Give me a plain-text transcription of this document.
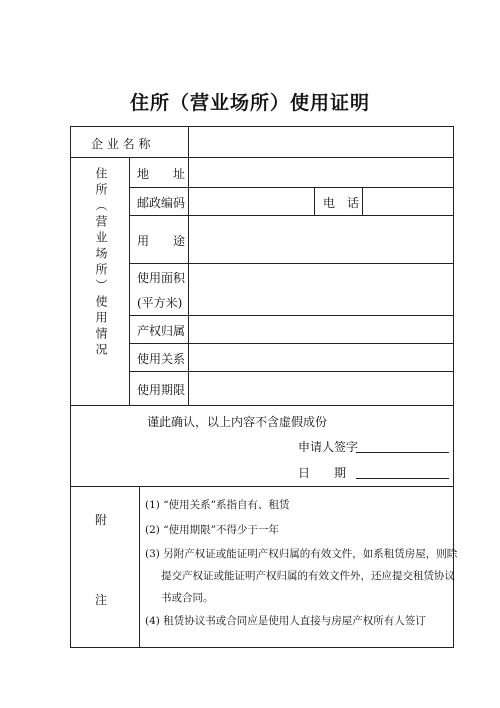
住所（营业场所）使用证明
企 业 名 称
住所（营业场所）使用情况 地　　址
邮政编码	电　话
用　　途
使用面积
(平方米)
产权归属
使用关系
使用期限
谨此确认，以上内容不含虚假成份
申请人签字
日　　期
附
注
(1) “使用关系”系指自有、租赁
(2) “使用期限”不得少于一年
(3) 另附产权证或能证明产权归属的有效文件，如系租赁房屋，则除
提交产权证或能证明产权归属的有效文件外，还应提交租赁协议
书或合同。
(4) 租赁协议书或合同应是使用人直接与房屋产权所有人签订
